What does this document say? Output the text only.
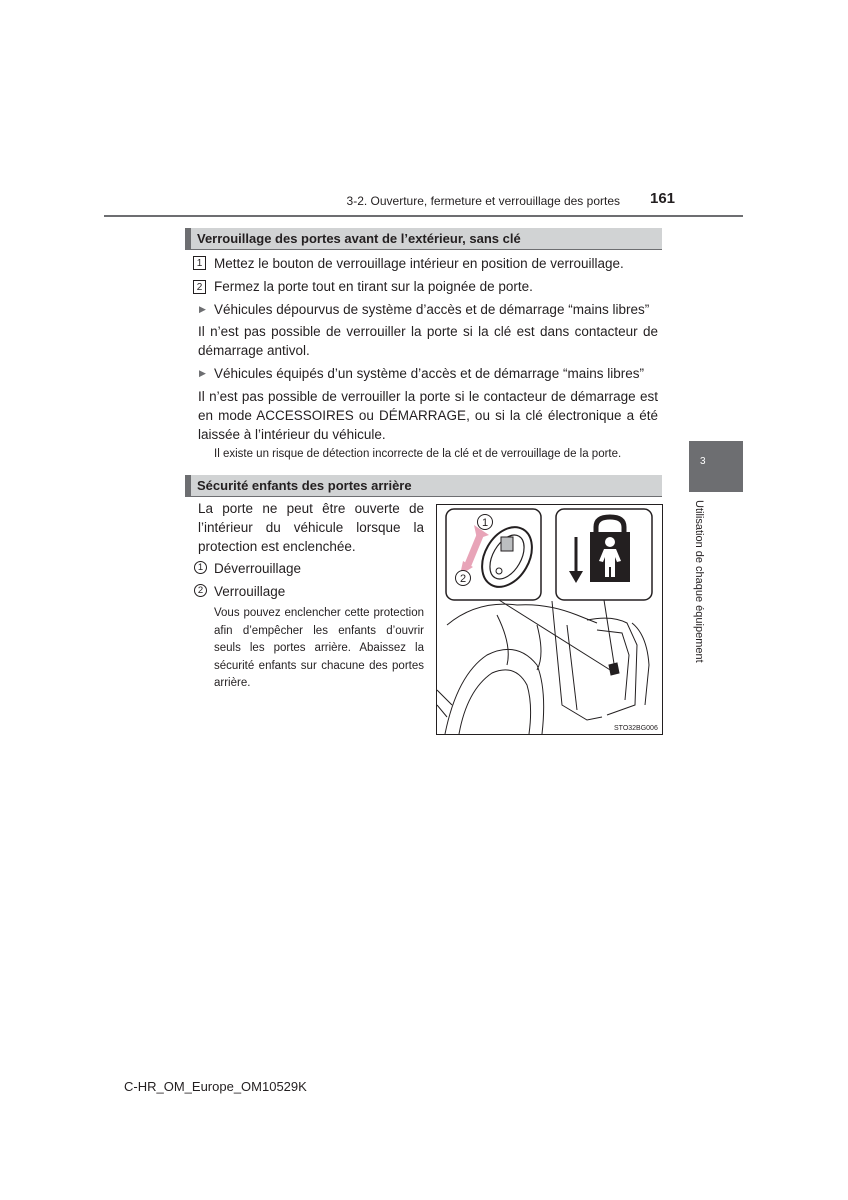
3-2. Ouverture, fermeture et verrouillage des portes 161
3
Utilisation de chaque équipement
Verrouillage des portes avant de l’extérieur, sans clé
1 Mettez le bouton de verrouillage intérieur en position de verrouillage.
2 Fermez la porte tout en tirant sur la poignée de porte.
▶ Véhicules dépourvus de système d’accès et de démarrage “mains libres”
Il n’est pas possible de verrouiller la porte si la clé est dans contacteur de démarrage antivol.
▶ Véhicules équipés d’un système d’accès et de démarrage “mains libres”
Il n’est pas possible de verrouiller la porte si le contacteur de démarrage est en mode ACCESSOIRES ou DÉMARRAGE, ou si la clé électronique a été laissée à l’intérieur du véhicule.
Il existe un risque de détection incorrecte de la clé et de verrouillage de la porte.
Sécurité enfants des portes arrière
La porte ne peut être ouverte de l’intérieur du véhicule lorsque la protection est enclenchée.
1 Déverrouillage
2 Verrouillage
Vous pouvez enclencher cette protection afin d’empêcher les enfants d’ouvrir seuls les portes arrière. Abaissez la sécurité enfants sur chacune des portes arrière.
1
2
STO32BG006
C-HR_OM_Europe_OM10529K
